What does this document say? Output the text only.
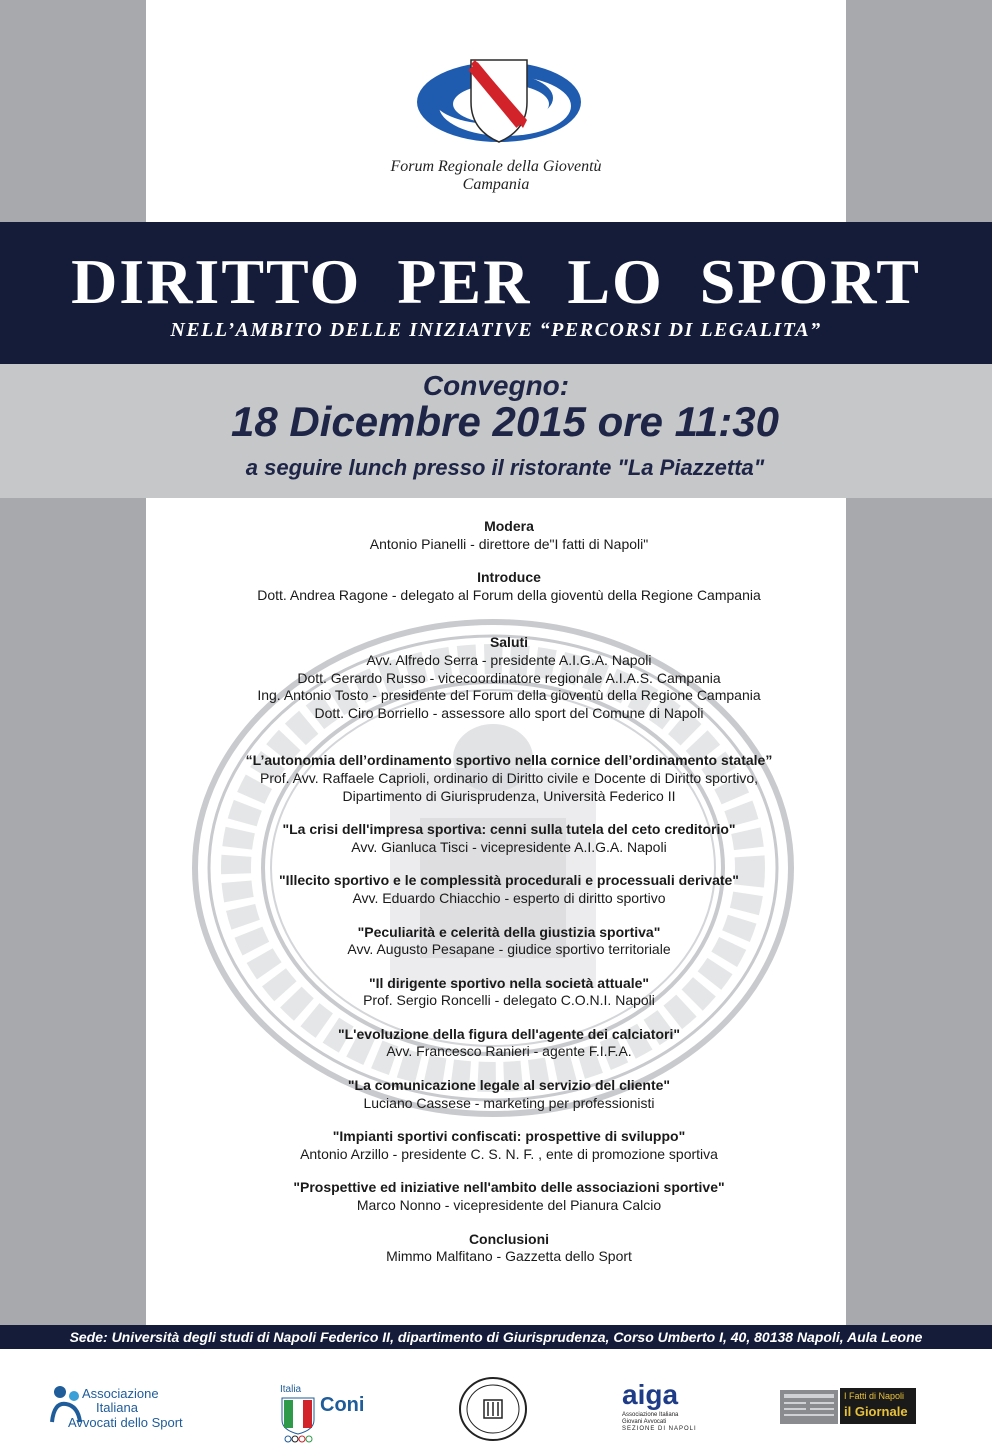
Forum Regionale della Gioventù
Campania
DIRITTO PER LO SPORT
NELL’AMBITO DELLE INIZIATIVE “PERCORSI DI LEGALITA”
Convegno:
18 Dicembre 2015 ore 11:30
a seguire lunch presso il ristorante "La Piazzetta"
Modera
Antonio Pianelli - direttore de"I fatti di Napoli"
Introduce
Dott. Andrea Ragone - delegato al Forum della gioventù della Regione Campania
Saluti
Avv. Alfredo Serra - presidente A.I.G.A. Napoli
Dott. Gerardo Russo - vicecoordinatore regionale A.I.A.S. Campania
Ing. Antonio Tosto - presidente del Forum della gioventù della Regione Campania
Dott. Ciro Borriello - assessore allo sport del Comune di Napoli
“L’autonomia dell’ordinamento sportivo nella cornice dell’ordinamento statale”
Prof. Avv. Raffaele Caprioli, ordinario di Diritto civile e Docente di Diritto sportivo,
Dipartimento di Giurisprudenza, Università Federico II
"La crisi dell'impresa sportiva: cenni sulla tutela del ceto creditorio"
Avv. Gianluca Tisci - vicepresidente A.I.G.A. Napoli
"Illecito sportivo e le complessità procedurali e processuali derivate"
Avv. Eduardo Chiacchio - esperto di diritto sportivo
"Peculiarità e celerità della giustizia sportiva"
Avv. Augusto Pesapane - giudice sportivo territoriale
"Il dirigente sportivo nella società attuale"
Prof. Sergio Roncelli - delegato C.O.N.I. Napoli
"L'evoluzione della figura dell'agente dei calciatori"
Avv. Francesco Ranieri - agente F.I.F.A.
"La comunicazione legale al servizio del cliente"
Luciano Cassese - marketing per professionisti
"Impianti sportivi confiscati: prospettive di sviluppo"
Antonio Arzillo - presidente C. S. N. F. , ente di promozione sportiva
"Prospettive ed iniziative nell'ambito delle associazioni sportive"
Marco Nonno - vicepresidente del Pianura Calcio
Conclusioni
Mimmo Malfitano - Gazzetta dello Sport
Sede: Università degli studi di Napoli Federico II, dipartimento di Giurisprudenza, Corso Umberto I, 40, 80138 Napoli, Aula Leone
Associazione
Italiana
Avvocati dello Sport
Italia
Coni	aiga
Associazione Italiana
Giovani Avvocati
SEZIONE DI NAPOLI
I Fatti di Napoli
il Giornale
